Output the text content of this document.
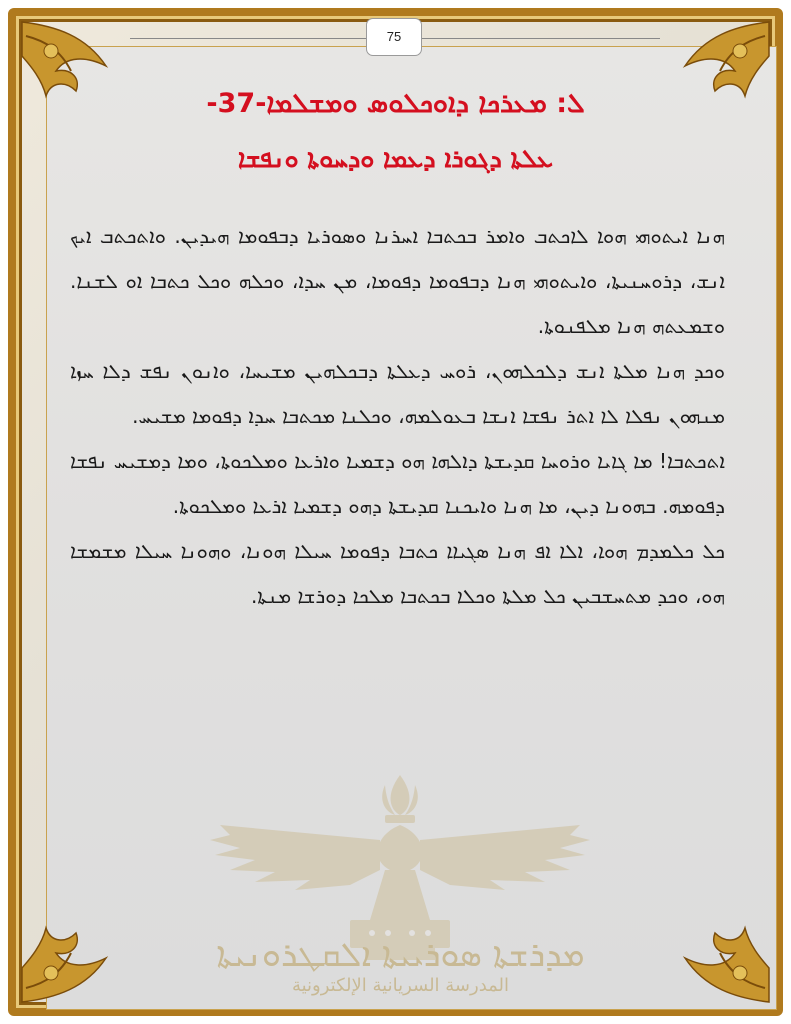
75
ܠ: ܡܥܪܟܐ ܕܐܘܟܠܘܣ ܘܡܫܠܡܐ-37-
ܥܠܬܐ ܕܓܘܪܐ ܕܥܡܐ ܘܕܚܘܬܐ ܘܢܦܫܐ

ܗܢܐ ܐܝܬܘܗܝ ܗܘܐ ܠܐܟܬܒ ܘܐܡܪ ܒܟܬܒܐ ܐܚܪܢܐ ܘܣܘܪܝܐ ܕܒܦܘܡܐ ܗܝܕܝܢ. ܘܐܬܟܬܒ ܐܝܟ ܐܢܫ، ܕܪܘܚܢܝܬܐ، ܘܐܝܬܘܗܝ ܗܢܐ ܕܒܦܘܡܐ ܕܦܘܡܐ، ܡܢ ܚܕܐ، ܘܟܠܗ ܘܟܠ ܟܬܒܐ ܐܘ ܠܫܢܐ. ܘܫܡܥܬܗ ܗܢܐ ܡܠܦܢܘܬܐ.

ܘܟܕ ܗܢܐ ܡܠܬܐ ܐܢܫ ܕܠܟܠܗܘܢ، ܪܘܚ ܕܥܠܬܐ ܕܒܟܠܗܝܢ ܡܫܝܚܐ، ܘܐܢܘܢ ܢܦܫ ܕܠܐ ܚܙܐ ܡܢܗܘܢ ܢܦܠܐ ܠܐ ܐܬܪ ܢܦܫܐ ܐܢܫܐ ܒܥܘܠܡܗ، ܘܟܠܢܐ ܡܟܬܒܐ ܚܕܐ ܕܦܘܡܐ ܡܫܝܚ.

ܐܬܟܬܒܐ! ܡܐ ܓܐܝܐ ܘܪܘܚܐ ܩܕܝܫܬܐ ܕܐܠܗܐ ܗܘ ܕܫܡܝܐ ܘܐܪܥܐ ܘܡܠܟܘܬܐ، ܘܡܐ ܕܡܫܝܚ ܢܦܫܐ ܕܦܘܡܗ. ܒܗܘܢܐ ܕܝܢ، ܡܐ ܗܢܐ ܘܐܝܟܢܐ ܩܕܝܫܬܐ ܕܗܘ ܕܫܡܝܐ ܐܪܥܐ ܘܡܠܟܘܬܐ.

ܟܠ ܟܠܡܕܡ ܗܘܐ، ܐܠܐ ܐܦ ܗܢܐ ܣܓܝܐܐ ܟܬܒܐ ܕܦܘܡܐ ܚܝܠܐ ܗܘܢܐ، ܘܗܘܢܐ ܚܝܠܐ ܡܫܡܫܐ ܗܘ، ܘܟܕ ܡܬܚܫܒܝܢ ܟܠ ܡܠܬܐ ܘܟܠܐ ܒܟܬܒܐ ܡܠܟܐ ܕܘܪܫܐ ܡܢܬܐ.

ܡܕܪܫܬܐ ܣܘܪܝܝܬܐ ܐܠܩܛܪܘܢܝܬܐ
المدرسة السريانية الإلكترونية
